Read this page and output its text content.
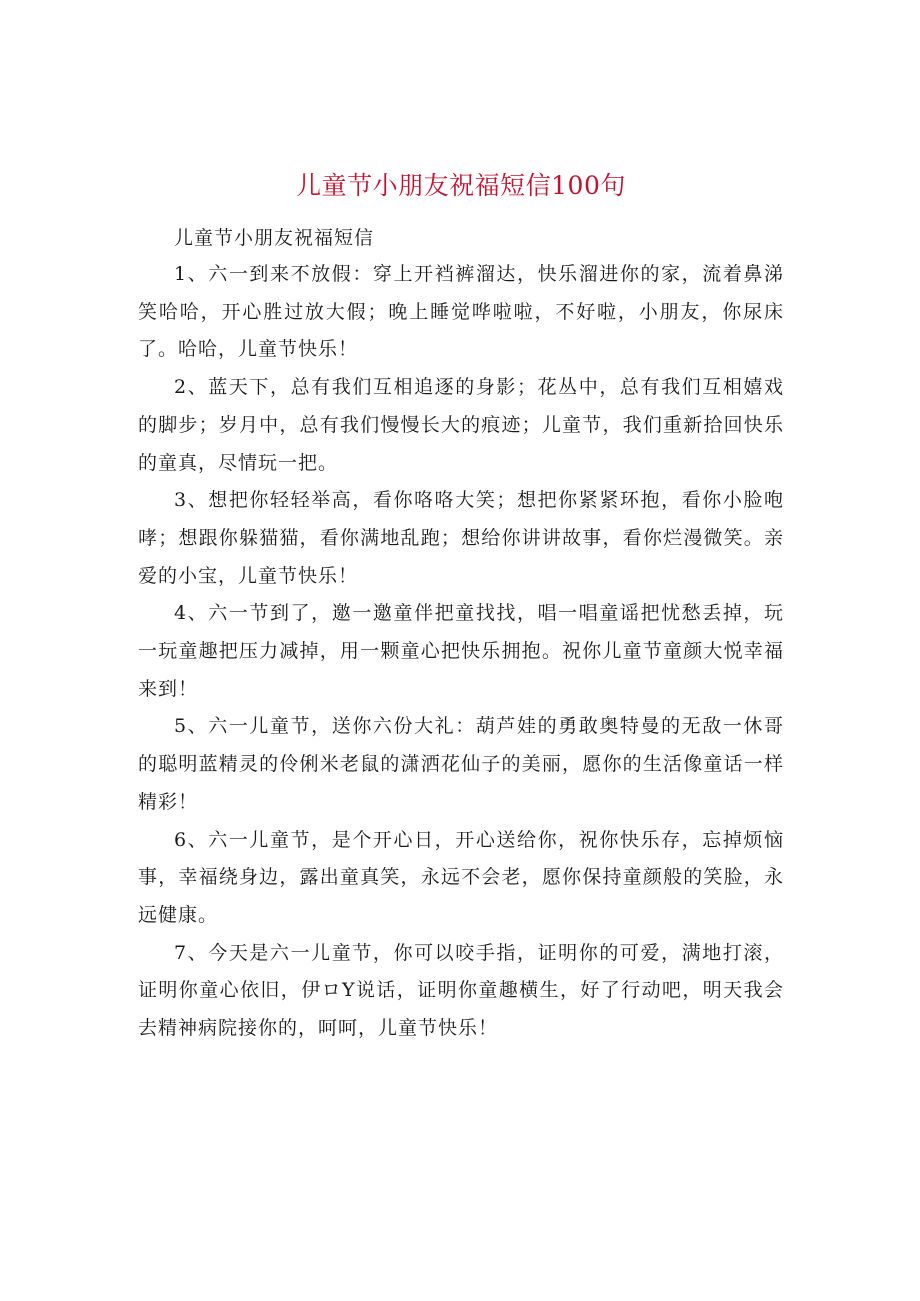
儿童节小朋友祝福短信100句
儿童节小朋友祝福短信

1、六一到来不放假：穿上开裆裤溜达，快乐溜进你的家，流着鼻涕笑哈哈，开心胜过放大假；晚上睡觉哗啦啦，不好啦，小朋友，你尿床了。哈哈，儿童节快乐！

2、蓝天下，总有我们互相追逐的身影；花丛中，总有我们互相嬉戏的脚步；岁月中，总有我们慢慢长大的痕迹；儿童节，我们重新拾回快乐的童真，尽情玩一把。

3、想把你轻轻举高，看你咯咯大笑；想把你紧紧环抱，看你小脸咆哮；想跟你躲猫猫，看你满地乱跑；想给你讲讲故事，看你烂漫微笑。亲爱的小宝，儿童节快乐！

4、六一节到了，邀一邀童伴把童找找，唱一唱童谣把忧愁丢掉，玩一玩童趣把压力减掉，用一颗童心把快乐拥抱。祝你儿童节童颜大悦幸福来到！

5、六一儿童节，送你六份大礼：葫芦娃的勇敢奥特曼的无敌一休哥的聪明蓝精灵的伶俐米老鼠的潇洒花仙子的美丽，愿你的生活像童话一样精彩！

6、六一儿童节，是个开心日，开心送给你，祝你快乐存，忘掉烦恼事，幸福绕身边，露出童真笑，永远不会老，愿你保持童颜般的笑脸，永远健康。

7、今天是六一儿童节，你可以咬手指，证明你的可爱，满地打滚，证明你童心依旧，伊ロY说话，证明你童趣横生，好了行动吧，明天我会去精神病院接你的，呵呵，儿童节快乐！
